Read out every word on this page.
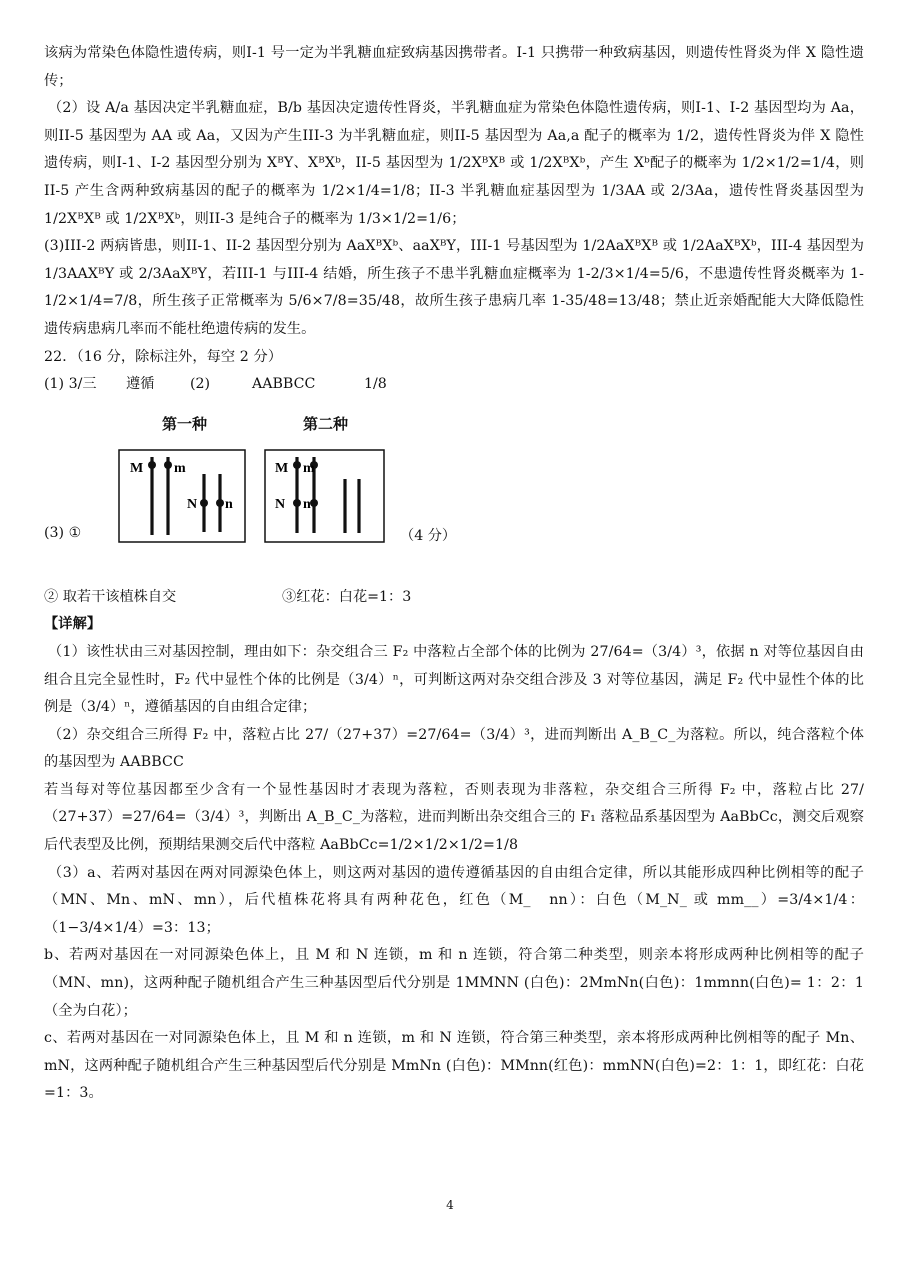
该病为常染色体隐性遗传病，则I-1 号一定为半乳糖血症致病基因携带者。I-1 只携带一种致病基因，则遗传性肾炎为伴 X 隐性遗传；

（2）设 A/a 基因决定半乳糖血症，B/b 基因决定遗传性肾炎，半乳糖血症为常染色体隐性遗传病，则I-1、I-2 基因型均为 Aa，则II-5 基因型为 AA 或 Aa，又因为产生III-3 为半乳糖血症，则II-5 基因型为 Aa,a 配子的概率为 1/2，遗传性肾炎为伴 X 隐性遗传病，则I-1、I-2 基因型分别为 XᴮY、XᴮXᵇ，II-5 基因型为 1/2XᴮXᴮ 或 1/2XᴮXᵇ，产生 Xᵇ配子的概率为 1/2×1/2=1/4，则II-5 产生含两种致病基因的配子的概率为 1/2×1/4=1/8；II-3 半乳糖血症基因型为 1/3AA 或 2/3Aa，遗传性肾炎基因型为 1/2XᴮXᴮ 或 1/2XᴮXᵇ，则II-3 是纯合子的概率为 1/3×1/2=1/6；

(3)III-2 两病皆患，则II-1、II-2 基因型分别为 AaXᴮXᵇ、aaXᴮY，III-1 号基因型为 1/2AaXᴮXᴮ 或 1/2AaXᴮXᵇ，III-4 基因型为 1/3AAXᴮY 或 2/3AaXᴮY，若III-1 与III-4 结婚，所生孩子不患半乳糖血症概率为 1-2/3×1/4=5/6，不患遗传性肾炎概率为 1-1/2×1/4=7/8，所生孩子正常概率为 5/6×7/8=35/48，故所生孩子患病几率 1-35/48=13/48；禁止近亲婚配能大大降低隐性遗传病患病几率而不能杜绝遗传病的发生。

22．（16 分，除标注外，每空 2 分）

(1) 3/三	遵循	(2)	AABBCC	1/8
第一种	第二种
M m
N n
M m
N n
(3) ①	（4 分）
② 取若干该植株自交	③红花：白花=1：3

【详解】

（1）该性状由三对基因控制，理由如下：杂交组合三 F₂ 中落粒占全部个体的比例为 27/64=（3/4）³，依据 n 对等位基因自由组合且完全显性时，F₂ 代中显性个体的比例是（3/4）ⁿ，可判断这两对杂交组合涉及 3 对等位基因，满足 F₂ 代中显性个体的比例是（3/4）ⁿ，遵循基因的自由组合定律；

（2）杂交组合三所得 F₂ 中，落粒占比 27/（27+37）=27/64=（3/4）³，进而判断出 A_B_C_为落粒。所以，纯合落粒个体的基因型为 AABBCC

若当每对等位基因都至少含有一个显性基因时才表现为落粒，否则表现为非落粒，杂交组合三所得 F₂ 中，落粒占比 27/（27+37）=27/64=（3/4）³，判断出 A_B_C_为落粒，进而判断出杂交组合三的 F₁ 落粒品系基因型为 AaBbCc，测交后观察后代表型及比例，预期结果测交后代中落粒 AaBbCc=1/2×1/2×1/2=1/8

（3）a、若两对基因在两对同源染色体上，则这两对基因的遗传遵循基因的自由组合定律，所以其能形成四种比例相等的配子（MN、Mn、mN、mn），后代植株花将具有两种花色，红色（M_　nn）：白色（M_N_ 或 mm__）=3/4×1/4：（1−3/4×1/4）=3：13；

b、若两对基因在一对同源染色体上，且 M 和 N 连锁，m 和 n 连锁，符合第二种类型，则亲本将形成两种比例相等的配子（MN、mn)，这两种配子随机组合产生三种基因型后代分别是 1MMNN (白色)：2MmNn(白色)：1mmnn(白色)= 1：2：1（全为白花）；

c、若两对基因在一对同源染色体上，且 M 和 n 连锁，m 和 N 连锁，符合第三种类型，亲本将形成两种比例相等的配子 Mn、mN，这两种配子随机组合产生三种基因型后代分别是 MmNn (白色)：MMnn(红色)：mmNN(白色)=2：1：1，即红花：白花=1：3。

4
